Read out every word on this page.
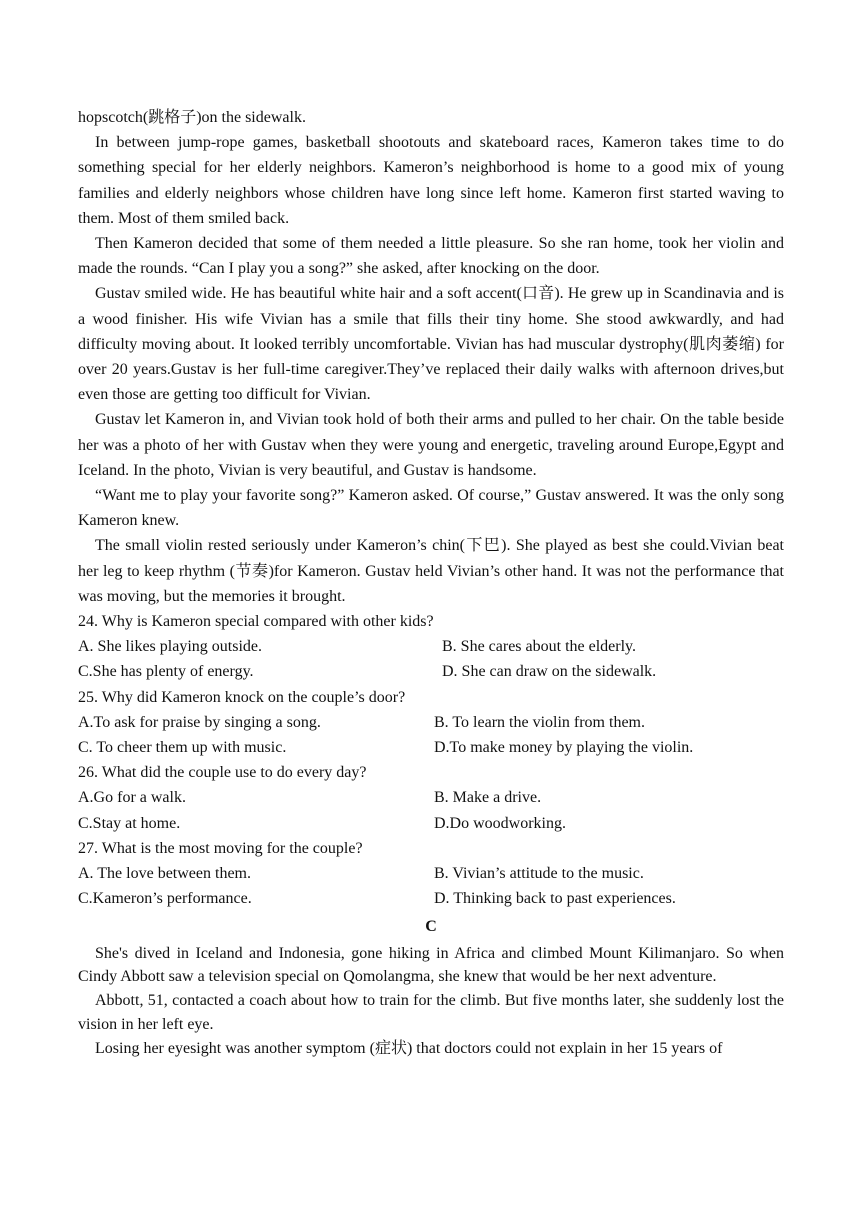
hopscotch(跳格子)on the sidewalk.

In between jump-rope games, basketball shootouts and skateboard races, Kameron takes time to do something special for her elderly neighbors. Kameron’s neighborhood is home to a good mix of young families and elderly neighbors whose children have long since left home. Kameron first started waving to them. Most of them smiled back.

Then Kameron decided that some of them needed a little pleasure. So she ran home, took her violin and made the rounds. “Can I play you a song?” she asked, after knocking on the door.

Gustav smiled wide. He has beautiful white hair and a soft accent(口音). He grew up in Scandinavia and is a wood finisher. His wife Vivian has a smile that fills their tiny home. She stood awkwardly, and had difficulty moving about. It looked terribly uncomfortable. Vivian has had muscular dystrophy(肌肉萎缩) for over 20 years.Gustav is her full-time caregiver.They’ve replaced their daily walks with afternoon drives,but even those are getting too difficult for Vivian.

Gustav let Kameron in, and Vivian took hold of both their arms and pulled to her chair. On the table beside her was a photo of her with Gustav when they were young and energetic, traveling around Europe,Egypt and Iceland. In the photo, Vivian is very beautiful, and Gustav is handsome.

“Want me to play your favorite song?” Kameron asked. Of course,” Gustav answered. It was the only song Kameron knew.

The small violin rested seriously under Kameron’s chin(下巴). She played as best she could.Vivian beat her leg to keep rhythm (节奏)for Kameron. Gustav held Vivian’s other hand. It was not the performance that was moving, but the memories it brought.

24. Why is Kameron special compared with other kids?
A. She likes playing outside.	B. She cares about the elderly.
C.She has plenty of energy.	D. She can draw on the sidewalk.
25. Why did Kameron knock on the couple’s door?
A.To ask for praise by singing a song.	B. To learn the violin from them.
C. To cheer them up with music.	D.To make money by playing the violin.
26. What did the couple use to do every day?
A.Go for a walk.	B. Make a drive.
C.Stay at home.	D.Do woodworking.
27. What is the most moving for the couple?
A. The love between them.	B. Vivian’s attitude to the music.
C.Kameron’s performance.	D. Thinking back to past experiences.
C

She's dived in Iceland and Indonesia, gone hiking in Africa and climbed Mount Kilimanjaro. So when Cindy Abbott saw a television special on Qomolangma, she knew that would be her next adventure.

Abbott, 51, contacted a coach about how to train for the climb. But five months later, she suddenly lost the vision in her left eye.

Losing her eyesight was another symptom (症状) that doctors could not explain in her 15 years of
